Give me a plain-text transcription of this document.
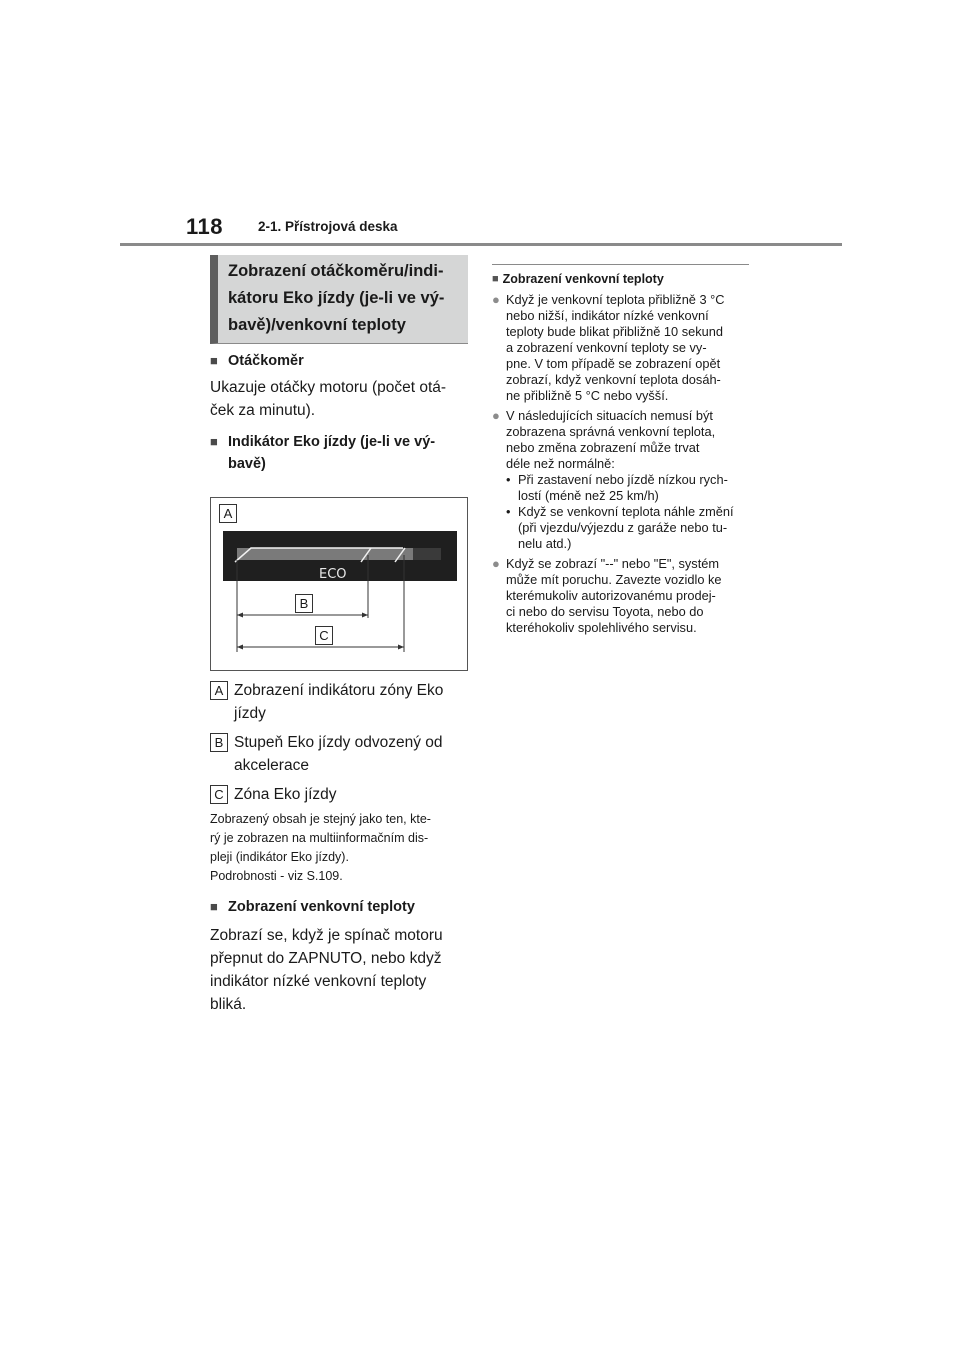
118	2-1. Přístrojová deska
Zobrazení otáčkoměru/indi-
kátoru Eko jízdy (je-li ve vý-
bavě)/venkovní teploty
■ Otáčkoměr
Ukazuje otáčky motoru (počet otá-
ček za minutu).
■ Indikátor Eko jízdy (je-li ve vý-
bavě)
A
ECO
B
C
A Zobrazení indikátoru zóny Eko
jízdy
B Stupeň Eko jízdy odvozený od
akcelerace
C Zóna Eko jízdy
Zobrazený obsah je stejný jako ten, kte-
rý je zobrazen na multiinformačním dis-
pleji (indikátor Eko jízdy).
Podrobnosti - viz S.109.
■ Zobrazení venkovní teploty
Zobrazí se, když je spínač motoru
přepnut do ZAPNUTO, nebo když
indikátor nízké venkovní teploty
bliká.
■ Zobrazení venkovní teploty
●
Když je venkovní teplota přibližně 3 °C
nebo nižší, indikátor nízké venkovní
teploty bude blikat přibližně 10 sekund
a zobrazení venkovní teploty se vy-
pne. V tom případě se zobrazení opět
zobrazí, když venkovní teplota dosáh-
ne přibližně 5 °C nebo vyšší.
●
V následujících situacích nemusí být
zobrazena správná venkovní teplota,
nebo změna zobrazení může trvat
déle než normálně:
• Při zastavení nebo jízdě nízkou rych-
lostí (méně než 25 km/h)
• Když se venkovní teplota náhle změní
(při vjezdu/výjezdu z garáže nebo tu-
nelu atd.)
●
Když se zobrazí "--" nebo "E", systém
může mít poruchu. Zavezte vozidlo ke
kterémukoliv autorizovanému prodej-
ci nebo do servisu Toyota, nebo do
kteréhokoliv spolehlivého servisu.
